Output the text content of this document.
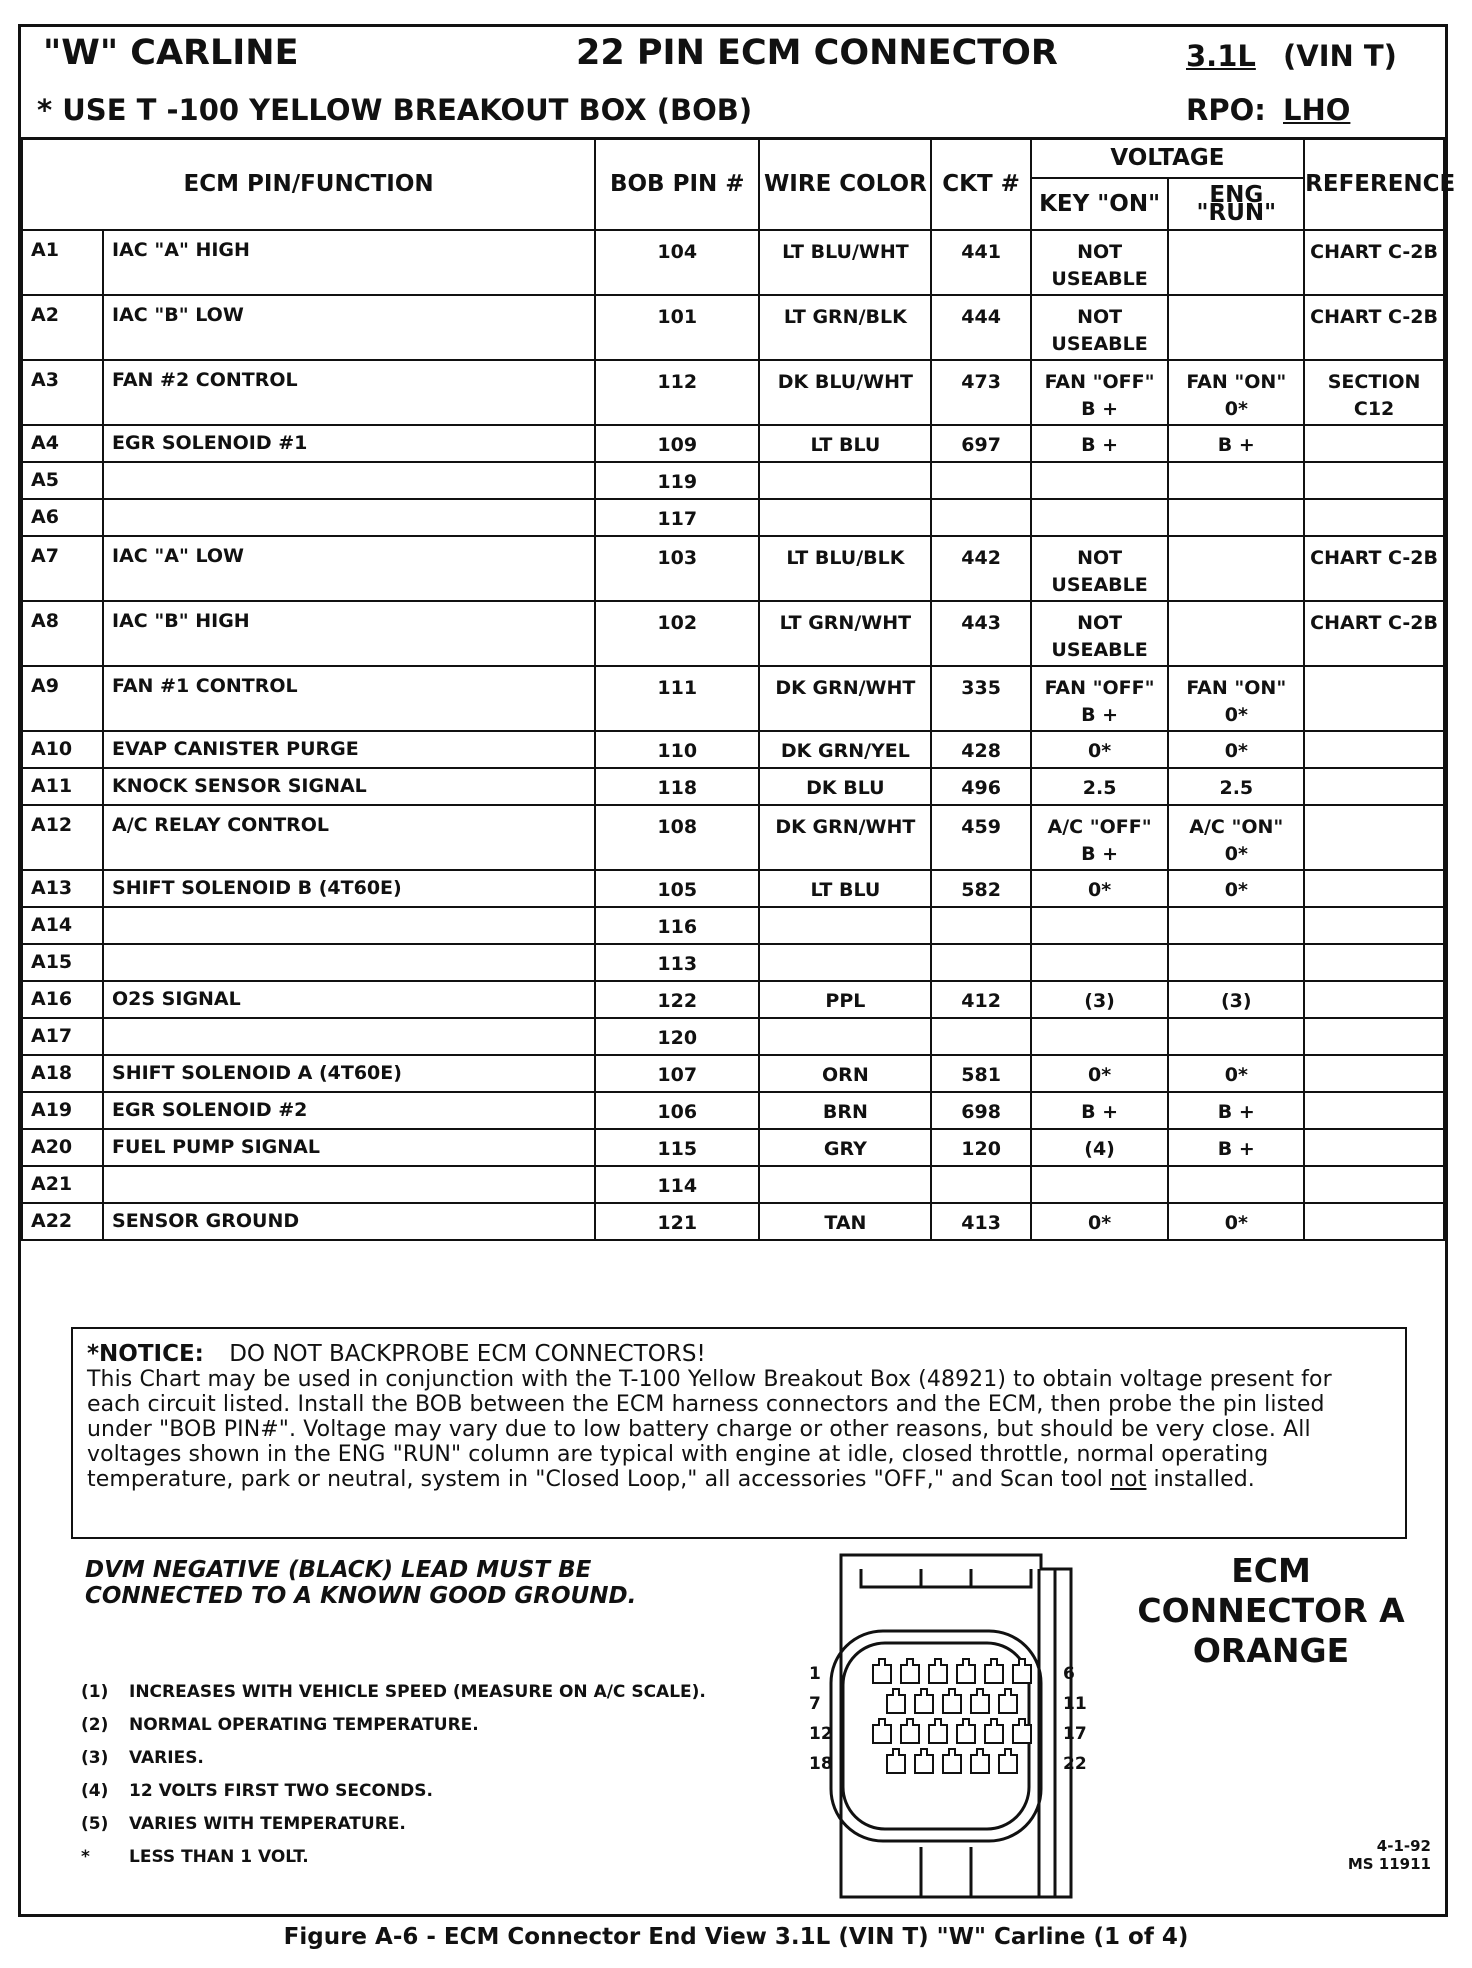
"W" CARLINE	22 PIN ECM CONNECTOR	3.1L (VIN T)
* USE T -100 YELLOW BREAKOUT BOX (BOB)	RPO: LHO
ECM PIN/FUNCTION		BOB PIN #	WIRE COLOR	CKT #	VOLTAGE		REFERENCE
					KEY "ON"	ENG "RUN"	
A1	IAC "A" HIGH	104	LT BLU/WHT	441	NOT USEABLE		CHART C-2B
A2	IAC "B" LOW	101	LT GRN/BLK	444	NOT USEABLE		CHART C-2B
A3	FAN #2 CONTROL	112	DK BLU/WHT	473	FAN "OFF" B +	FAN "ON" 0*	SECTION C12
A4	EGR SOLENOID #1	109	LT BLU	697	B +	B +	
A5		119					
A6		117					
A7	IAC "A" LOW	103	LT BLU/BLK	442	NOT USEABLE		CHART C-2B
A8	IAC "B" HIGH	102	LT GRN/WHT	443	NOT USEABLE		CHART C-2B
A9	FAN #1 CONTROL	111	DK GRN/WHT	335	FAN "OFF" B +	FAN "ON" 0*	
A10	EVAP CANISTER PURGE	110	DK GRN/YEL	428	0*	0*	
A11	KNOCK SENSOR SIGNAL	118	DK BLU	496	2.5	2.5	
A12	A/C RELAY CONTROL	108	DK GRN/WHT	459	A/C "OFF" B +	A/C "ON" 0*	
A13	SHIFT SOLENOID B (4T60E)	105	LT BLU	582	0*	0*	
A14		116					
A15		113					
A16	O2S SIGNAL	122	PPL	412	(3)	(3)	
A17		120					
A18	SHIFT SOLENOID A (4T60E)	107	ORN	581	0*	0*	
A19	EGR SOLENOID #2	106	BRN	698	B +	B +	
A20	FUEL PUMP SIGNAL	115	GRY	120	(4)	B +	
A21		114					
A22	SENSOR GROUND	121	TAN	413	0*	0*	
*NOTICE: DO NOT BACKPROBE ECM CONNECTORS!
This Chart may be used in conjunction with the T-100 Yellow Breakout Box (48921) to obtain voltage present for each circuit listed. Install the BOB between the ECM harness connectors and the ECM, then probe the pin listed under "BOB PIN#". Voltage may vary due to low battery charge or other reasons, but should be very close. All voltages shown in the ENG "RUN" column are typical with engine at idle, closed throttle, normal operating temperature, park or neutral, system in "Closed Loop," all accessories "OFF," and Scan tool not installed.
DVM NEGATIVE (BLACK) LEAD MUST BE
CONNECTED TO A KNOWN GOOD GROUND.
(1)	INCREASES WITH VEHICLE SPEED (MEASURE ON A/C SCALE).
(2)	NORMAL OPERATING TEMPERATURE.
(3)	VARIES.
(4)	12 VOLTS FIRST TWO SECONDS.
(5)	VARIES WITH TEMPERATURE.
*	LESS THAN 1 VOLT.
ECM
CONNECTOR A
ORANGE
1
7
12
18
6
11
17
22
4-1-92
MS 11911
Figure A-6 - ECM Connector End View 3.1L (VIN T) "W" Carline (1 of 4)
